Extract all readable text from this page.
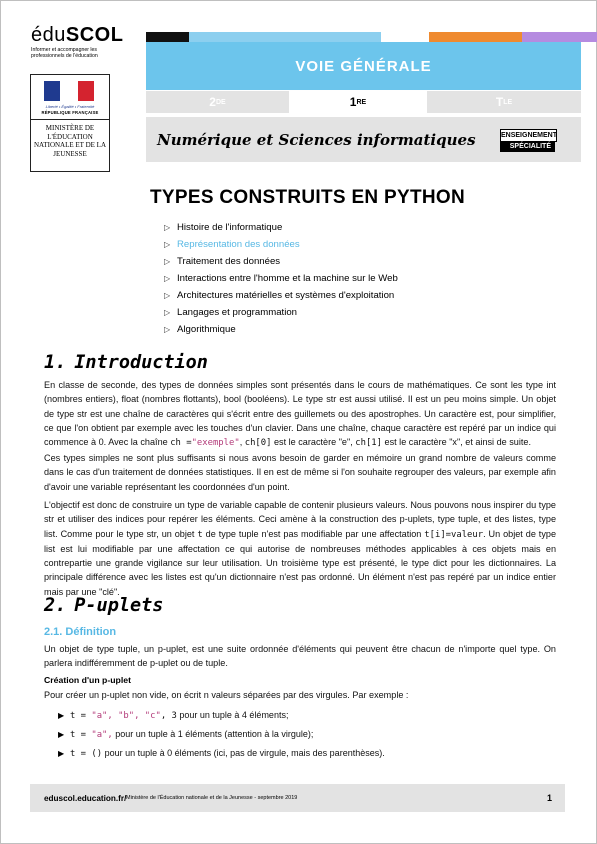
éduSCOL
Informer et accompagner les professionnels de l'éducation
Liberté • Égalité • Fraternité
RÉPUBLIQUE FRANÇAISE
MINISTÈRE DE L'ÉDUCATION NATIONALE ET DE LA JEUNESSE
VOIE GÉNÉRALE
2 DE	1 RE	T LE
Numérique et Sciences informatiques	ENSEIGNEMENT
SPÉCIALITÉ
TYPES CONSTRUITS EN PYTHON
▷ Histoire de l'informatique
▷ Représentation des données
▷ Traitement des données
▷ Interactions entre l'homme et la machine sur le Web
▷ Architectures matérielles et systèmes d'exploitation
▷ Langages et programmation
▷ Algorithmique
1. Introduction
En classe de seconde, des types de données simples sont présentés dans le cours de mathématiques. Ce sont les type int (nombres entiers), float (nombres flottants), bool (booléens). Le type str est aussi utilisé. Il est un peu moins simple. Un objet de type str est une chaîne de caractères qui s'écrit entre des guillemets ou des apostrophes. Un caractère est, pour simplifier, ce que l'on obtient par exemple avec les touches d'un clavier. Dans une chaîne, chaque caractère est repéré par un indice qui commence à 0. Avec la chaîne ch ="exemple", ch[0] est le caractère "e", ch[1] est le caractère "x", et ainsi de suite.
Ces types simples ne sont plus suffisants si nous avons besoin de garder en mémoire un grand nombre de valeurs comme dans le cas d'un traitement de données statistiques. Il en est de même si l'on souhaite regrouper des valeurs, par exemple afin d'avoir une variable représentant les coordonnées d'un point.
L'objectif est donc de construire un type de variable capable de contenir plusieurs valeurs. Nous pouvons nous inspirer du type str et utiliser des indices pour repérer les éléments. Ceci amène à la construction des p-uplets, type tuple, et des listes, type list. Comme pour le type str, un objet t de type tuple n'est pas modifiable par une affectation t[i]=valeur. Un objet de type list est lui modifiable par une affectation ce qui autorise de nombreuses méthodes applicables à ces objets mais en contrepartie une grande vigilance sur leur utilisation. Un troisième type est présenté, le type dict pour les dictionnaires. La principale différence avec les listes est qu'un dictionnaire n'est pas ordonné. Un élément n'est pas repéré par un indice entier mais par une "clé".
2. P-uplets
2.1. Définition
Un objet de type tuple, un p-uplet, est une suite ordonnée d'éléments qui peuvent être chacun de n'importe quel type. On parlera indifféremment de p-uplet ou de tuple.
Création d'un p-uplet
Pour créer un p-uplet non vide, on écrit n valeurs séparées par des virgules. Par exemple :
▶ t = "a", "b", "c", 3 pour un tuple à 4 éléments;
▶ t = "a", pour un tuple à 1 éléments (attention à la virgule);
▶ t = () pour un tuple à 0 éléments (ici, pas de virgule, mais des parenthèses).
eduscol.education.fr/ Ministère de l'Éducation nationale et de la Jeunesse - septembre 2019	1
